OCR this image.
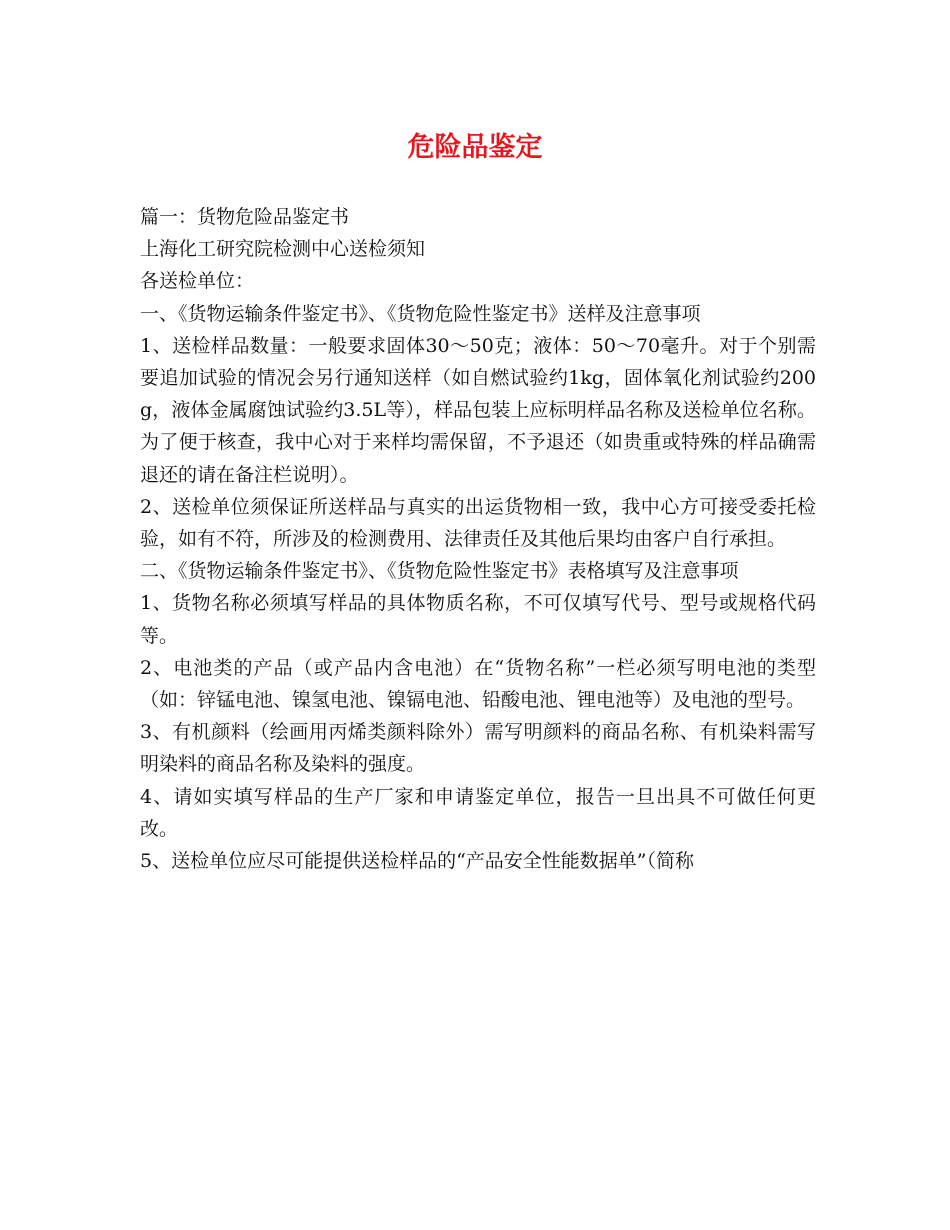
危险品鉴定

篇一：货物危险品鉴定书

上海化工研究院检测中心送检须知

各送检单位：

一、《货物运输条件鉴定书》、《货物危险性鉴定书》送样及注意事项

1、送检样品数量：一般要求固体30～50克；液体：50～70毫升。对于个别需要追加试验的情况会另行通知送样（如自燃试验约1kg，固体氧化剂试验约200g，液体金属腐蚀试验约3.5L等），样品包装上应标明样品名称及送检单位名称。为了便于核查，我中心对于来样均需保留，不予退还（如贵重或特殊的样品确需退还的请在备注栏说明）。

2、送检单位须保证所送样品与真实的出运货物相一致，我中心方可接受委托检验，如有不符，所涉及的检测费用、法律责任及其他后果均由客户自行承担。

二、《货物运输条件鉴定书》、《货物危险性鉴定书》表格填写及注意事项

1、货物名称必须填写样品的具体物质名称，不可仅填写代号、型号或规格代码等。

2、电池类的产品（或产品内含电池）在“货物名称”一栏必须写明电池的类型（如：锌锰电池、镍氢电池、镍镉电池、铅酸电池、锂电池等）及电池的型号。

3、有机颜料（绘画用丙烯类颜料除外）需写明颜料的商品名称、有机染料需写明染料的商品名称及染料的强度。

4、请如实填写样品的生产厂家和申请鉴定单位，报告一旦出具不可做任何更改。

5、送检单位应尽可能提供送检样品的“产品安全性能数据单”（简称
